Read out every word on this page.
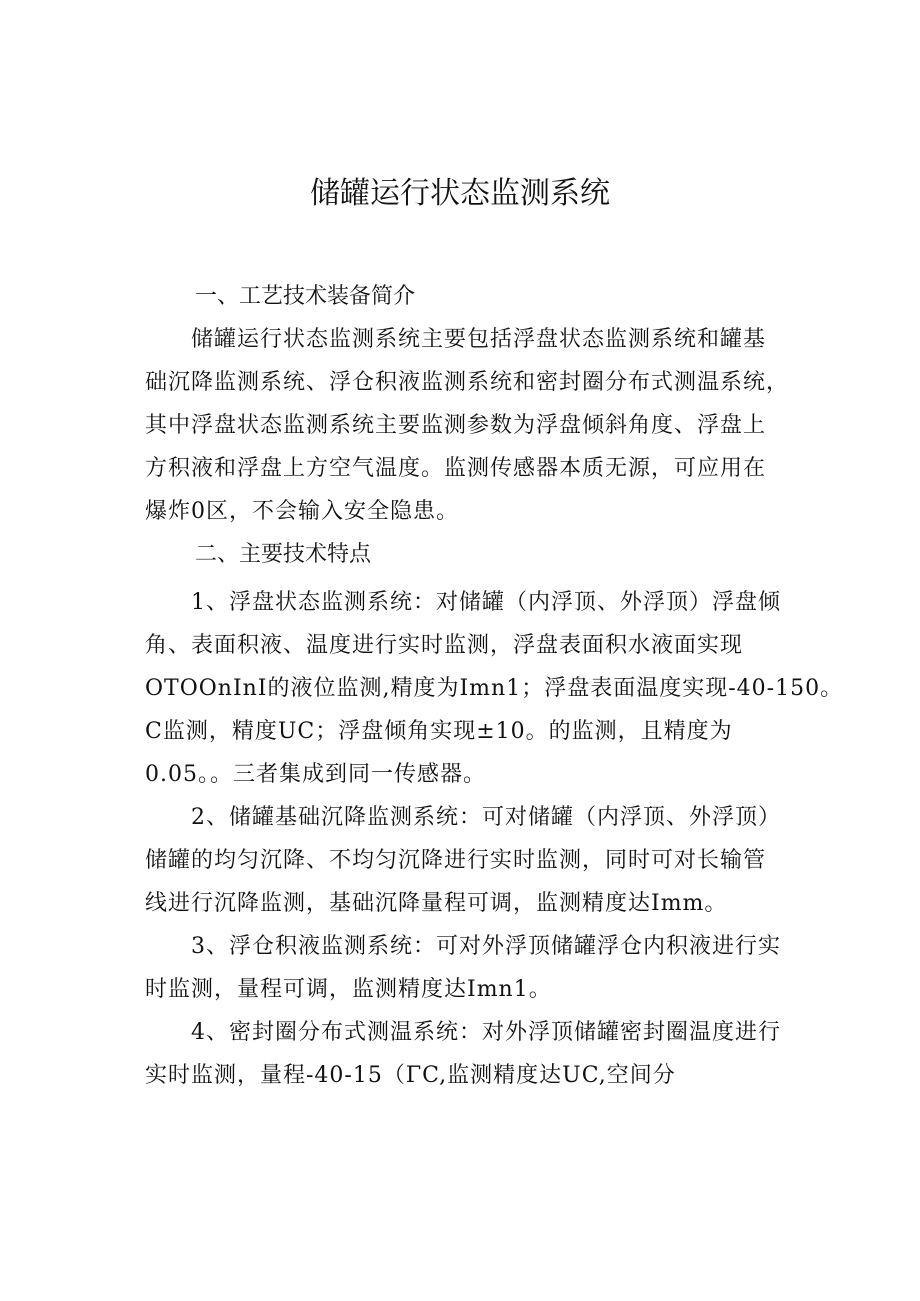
储罐运行状态监测系统
一、工艺技术装备简介
储罐运行状态监测系统主要包括浮盘状态监测系统和罐基
础沉降监测系统、浮仓积液监测系统和密封圈分布式测温系统，
其中浮盘状态监测系统主要监测参数为浮盘倾斜角度、浮盘上
方积液和浮盘上方空气温度。监测传感器本质无源，可应用在
爆炸0区，不会输入安全隐患。
二、主要技术特点
1、浮盘状态监测系统：对储罐（内浮顶、外浮顶）浮盘倾
角、表面积液、温度进行实时监测，浮盘表面积水液面实现
OTOOnInI的液位监测,精度为Imn1；浮盘表面温度实现-40-150。
C监测，精度UC；浮盘倾角实现±10。的监测，且精度为
0.05。。三者集成到同一传感器。
2、储罐基础沉降监测系统：可对储罐（内浮顶、外浮顶）
储罐的均匀沉降、不均匀沉降进行实时监测，同时可对长输管
线进行沉降监测，基础沉降量程可调，监测精度达Imm。
3、浮仓积液监测系统：可对外浮顶储罐浮仓内积液进行实
时监测，量程可调，监测精度达Imn1。
4、密封圈分布式测温系统：对外浮顶储罐密封圈温度进行
实时监测，量程-40-15（ΓC,监测精度达UC,空间分
